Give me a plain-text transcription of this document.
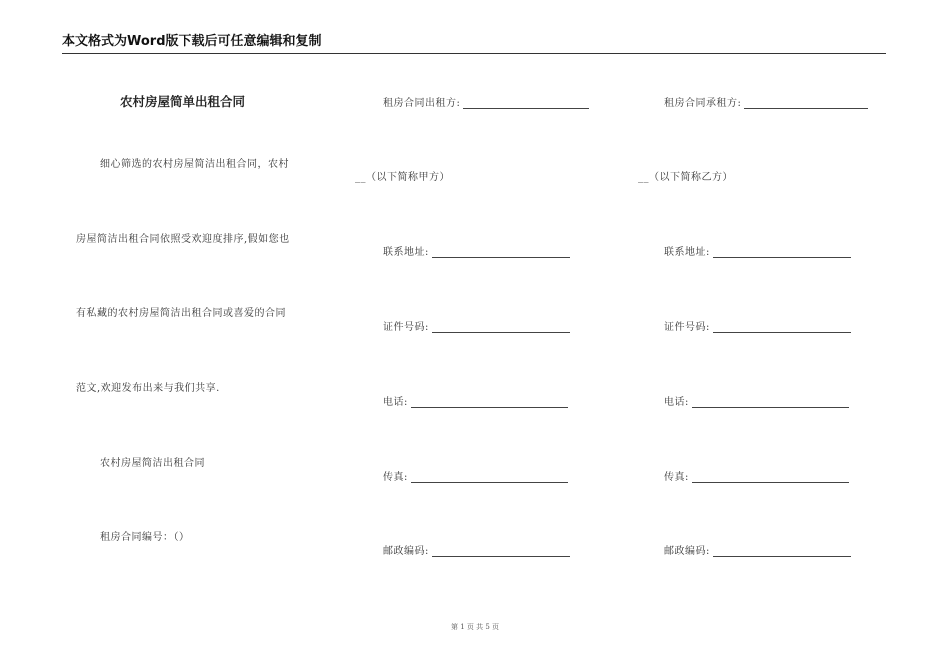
本文格式为Word版下载后可任意编辑和复制
农村房屋简单出租合同
细心筛选的农村房屋简洁出租合同，农村
房屋简洁出租合同依照受欢迎度排序,假如您也
有私藏的农村房屋简洁出租合同或喜爱的合同
范文,欢迎发布出来与我们共享.
农村房屋简洁出租合同
租房合同编号：（）
租房合同出租方:
__（以下简称甲方）
联系地址:
证件号码:
电话:
传真:
邮政编码:
租房合同承租方:
__（以下简称乙方）
联系地址:
证件号码:
电话:
传真:
邮政编码:
第 1 页 共 5 页
